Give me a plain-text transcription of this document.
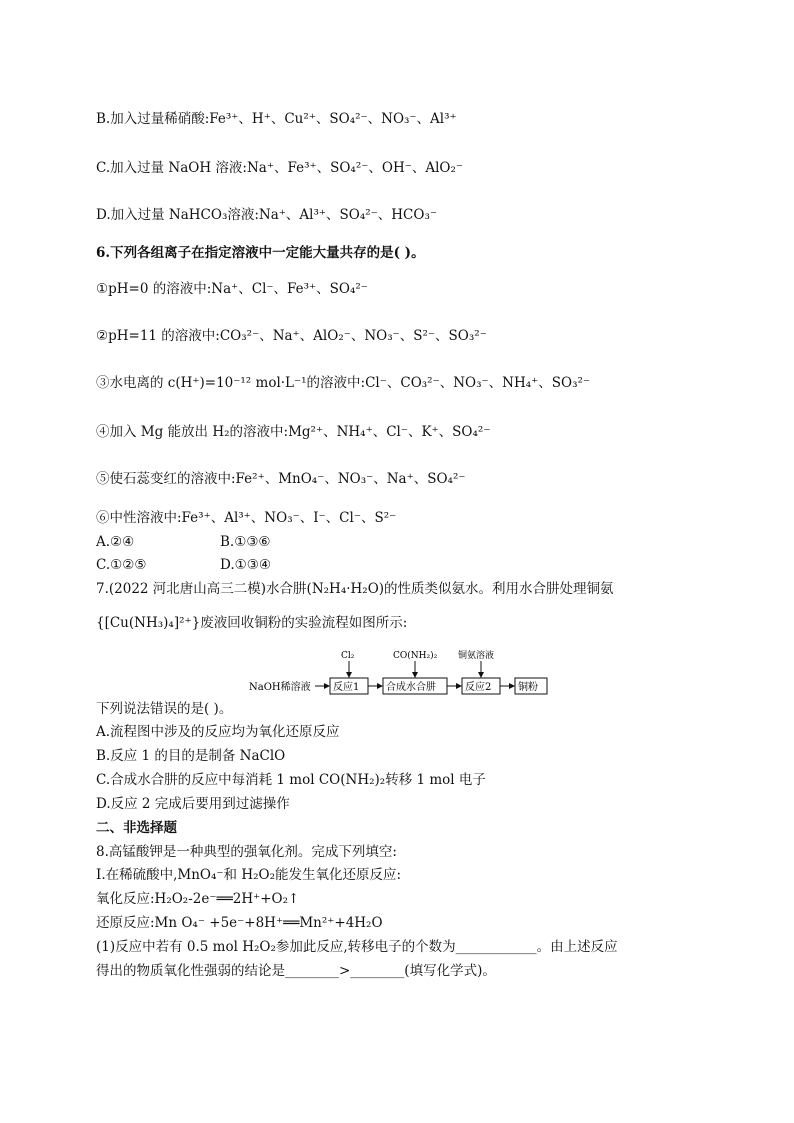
B.加入过量稀硝酸:Fe³⁺、H⁺、Cu²⁺、SO₄²⁻、NO₃⁻、Al³⁺
C.加入过量 NaOH 溶液:Na⁺、Fe³⁺、SO₄²⁻、OH⁻、AlO₂⁻
D.加入过量 NaHCO₃溶液:Na⁺、Al³⁺、SO₄²⁻、HCO₃⁻
6.下列各组离子在指定溶液中一定能大量共存的是( )。
①pH=0 的溶液中:Na⁺、Cl⁻、Fe³⁺、SO₄²⁻
②pH=11 的溶液中:CO₃²⁻、Na⁺、AlO₂⁻、NO₃⁻、S²⁻、SO₃²⁻
③水电离的 c(H⁺)=10⁻¹² mol·L⁻¹的溶液中:Cl⁻、CO₃²⁻、NO₃⁻、NH₄⁺、SO₃²⁻
④加入 Mg 能放出 H₂的溶液中:Mg²⁺、NH₄⁺、Cl⁻、K⁺、SO₄²⁻
⑤使石蕊变红的溶液中:Fe²⁺、MnO₄⁻、NO₃⁻、Na⁺、SO₄²⁻
⑥中性溶液中:Fe³⁺、Al³⁺、NO₃⁻、I⁻、Cl⁻、S²⁻
A.②④	B.①③⑥
C.①②⑤	D.①③④
7.(2022 河北唐山高三二模)水合肼(N₂H₄·H₂O)的性质类似氨水。利用水合肼处理铜氨
{[Cu(NH₃)₄]²⁺}废液回收铜粉的实验流程如图所示:
NaOH稀溶液 反应1	合成水合肼	反应2	铜粉
Cl₂	CO(NH₂)₂ 铜氨溶液
下列说法错误的是( )。
A.流程图中涉及的反应均为氧化还原反应
B.反应 1 的目的是制备 NaClO
C.合成水合肼的反应中每消耗 1 mol CO(NH₂)₂转移 1 mol 电子
D.反应 2 完成后要用到过滤操作
二、非选择题
8.高锰酸钾是一种典型的强氧化剂。完成下列填空:
Ⅰ.在稀硫酸中,MnO₄⁻和 H₂O₂能发生氧化还原反应:
氧化反应:H₂O₂-2e⁻══2H⁺+O₂↑
还原反应:Mn O₄⁻ +5e⁻+8H⁺══Mn²⁺+4H₂O
(1)反应中若有 0.5 mol H₂O₂参加此反应,转移电子的个数为____________。由上述反应
得出的物质氧化性强弱的结论是________>________(填写化学式)。
